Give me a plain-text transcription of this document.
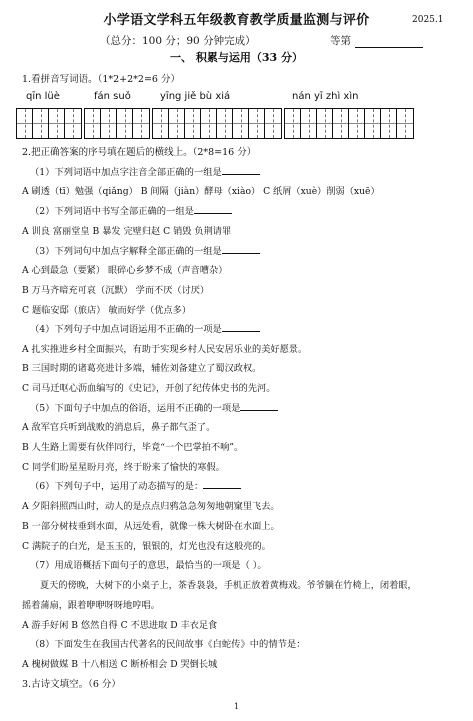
小学语文学科五年级教育教学质量监测与评价	2025.1
（总分：100 分；90 分钟完成）	等第
一、 积累与运用（33 分）
1.看拼音写词语。（1*2+2*2=6 分）
qīn lüè	fán suǒ	yīng jiě bù xiá	nán yī zhì xìn
2.把正确答案的序号填在题后的横线上。（2*8=16 分）
（1）下列词语中加点字注音全部正确的一组是
A 刷透（tī）勉强（qiǎng） B 间隔（jiàn）酵母（xiào） C 纸屑（xuè）削弱（xuē）
（2）下列词语中书写全部正确的一组是
A 训良 富丽堂皇 B 暴发 完壁归赵 C 销毁 负荆请罪
（3）下列词句中加点字解释全部正确的一组是
A 心到最急（要紧） 眼碎心乡梦不成（声音嘈杂）
B 万马齐喑充可哀（沉默） 学而不厌（讨厌）
C 题临安邸（旅店） 敏而好学（优点多）
（4）下列句子中加点词语运用不正确的一项是
A 扎实推进乡村全面振兴，有助于实现乡村人民安居乐业的美好愿景。
B 三国时期的诸葛亮进计多端，辅佐刘备建立了蜀汉政权。
C 司马迁呕心沥血编写的《史记》，开创了纪传体史书的先河。
（5）下面句子中加点的俗语，运用不正确的一项是
A 敌军官兵听到战败的消息后，鼻子都气歪了。
B 人生路上需要有伙伴同行，毕竟“一个巴掌拍不响”。
C 同学们盼星星盼月亮，终于盼来了愉快的寒假。
（6）下列句子中，运用了动态描写的是：
A 夕阳斜照西山时，动人的是点点归鸦急急匆匆地朝窠里飞去。
B 一部分树枝垂到水面，从远处看，就像一株大树卧在水面上。
C 满院子的白光，是玉玉的，银银的，灯光也没有这般亮的。
（7）用成语概括下面句子的意思，最恰当的一项是（ ）。
夏天的傍晚，大树下的小桌子上，茶香袅袅，手机正放着黄梅戏。爷爷躺在竹椅上，闭着眼，
摇着蒲扇，跟着咿咿呀呀地哼唱。
A 游手好闲 B 悠然自得 C 不思进取 D 丰衣足食
（8）下面发生在我国古代著名的民间故事《白蛇传》中的情节是：
A 槐树做媒 B 十八相送 C 断桥相会 D 哭倒长城
3.古诗文填空。（6 分）
1
